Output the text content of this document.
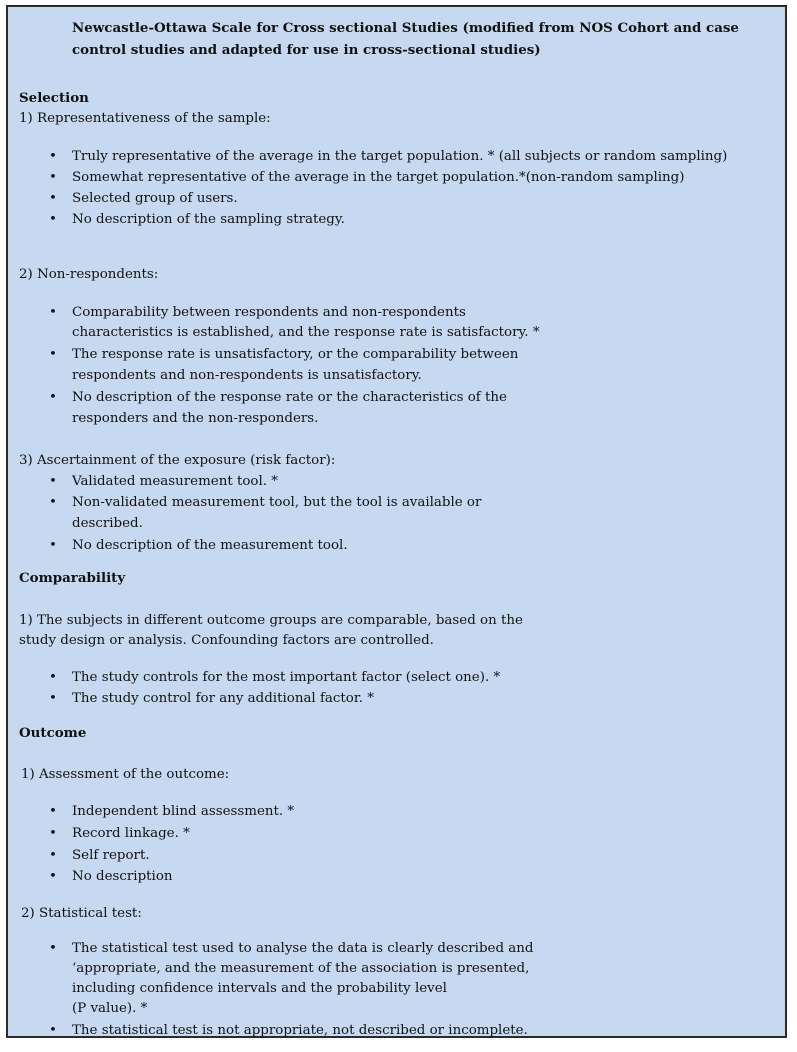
Newcastle-Ottawa Scale for Cross sectional Studies (modified from NOS Cohort and case

control studies and adapted for use in cross-sectional studies)

Selection

1) Representativeness of the sample:

• Truly representative of the average in the target population. * (all subjects or random sampling)

• Somewhat representative of the average in the target population.*(non-random sampling)

• Selected group of users.

• No description of the sampling strategy.

2) Non-respondents:

• Comparability between respondents and non-respondents

characteristics is established, and the response rate is satisfactory. *

• The response rate is unsatisfactory, or the comparability between

respondents and non-respondents is unsatisfactory.

• No description of the response rate or the characteristics of the

responders and the non-responders.

3) Ascertainment of the exposure (risk factor):

• Validated measurement tool. *

• Non-validated measurement tool, but the tool is available or

described.

• No description of the measurement tool.

Comparability

1) The subjects in different outcome groups are comparable, based on the

study design or analysis. Confounding factors are controlled.

• The study controls for the most important factor (select one). *

• The study control for any additional factor. *

Outcome

1) Assessment of the outcome:

• Independent blind assessment. *

• Record linkage. *

• Self report.

• No description

2) Statistical test:

• The statistical test used to analyse the data is clearly described and

‘appropriate, and the measurement of the association is presented,

including confidence intervals and the probability level

(P value). *

• The statistical test is not appropriate, not described or incomplete.
